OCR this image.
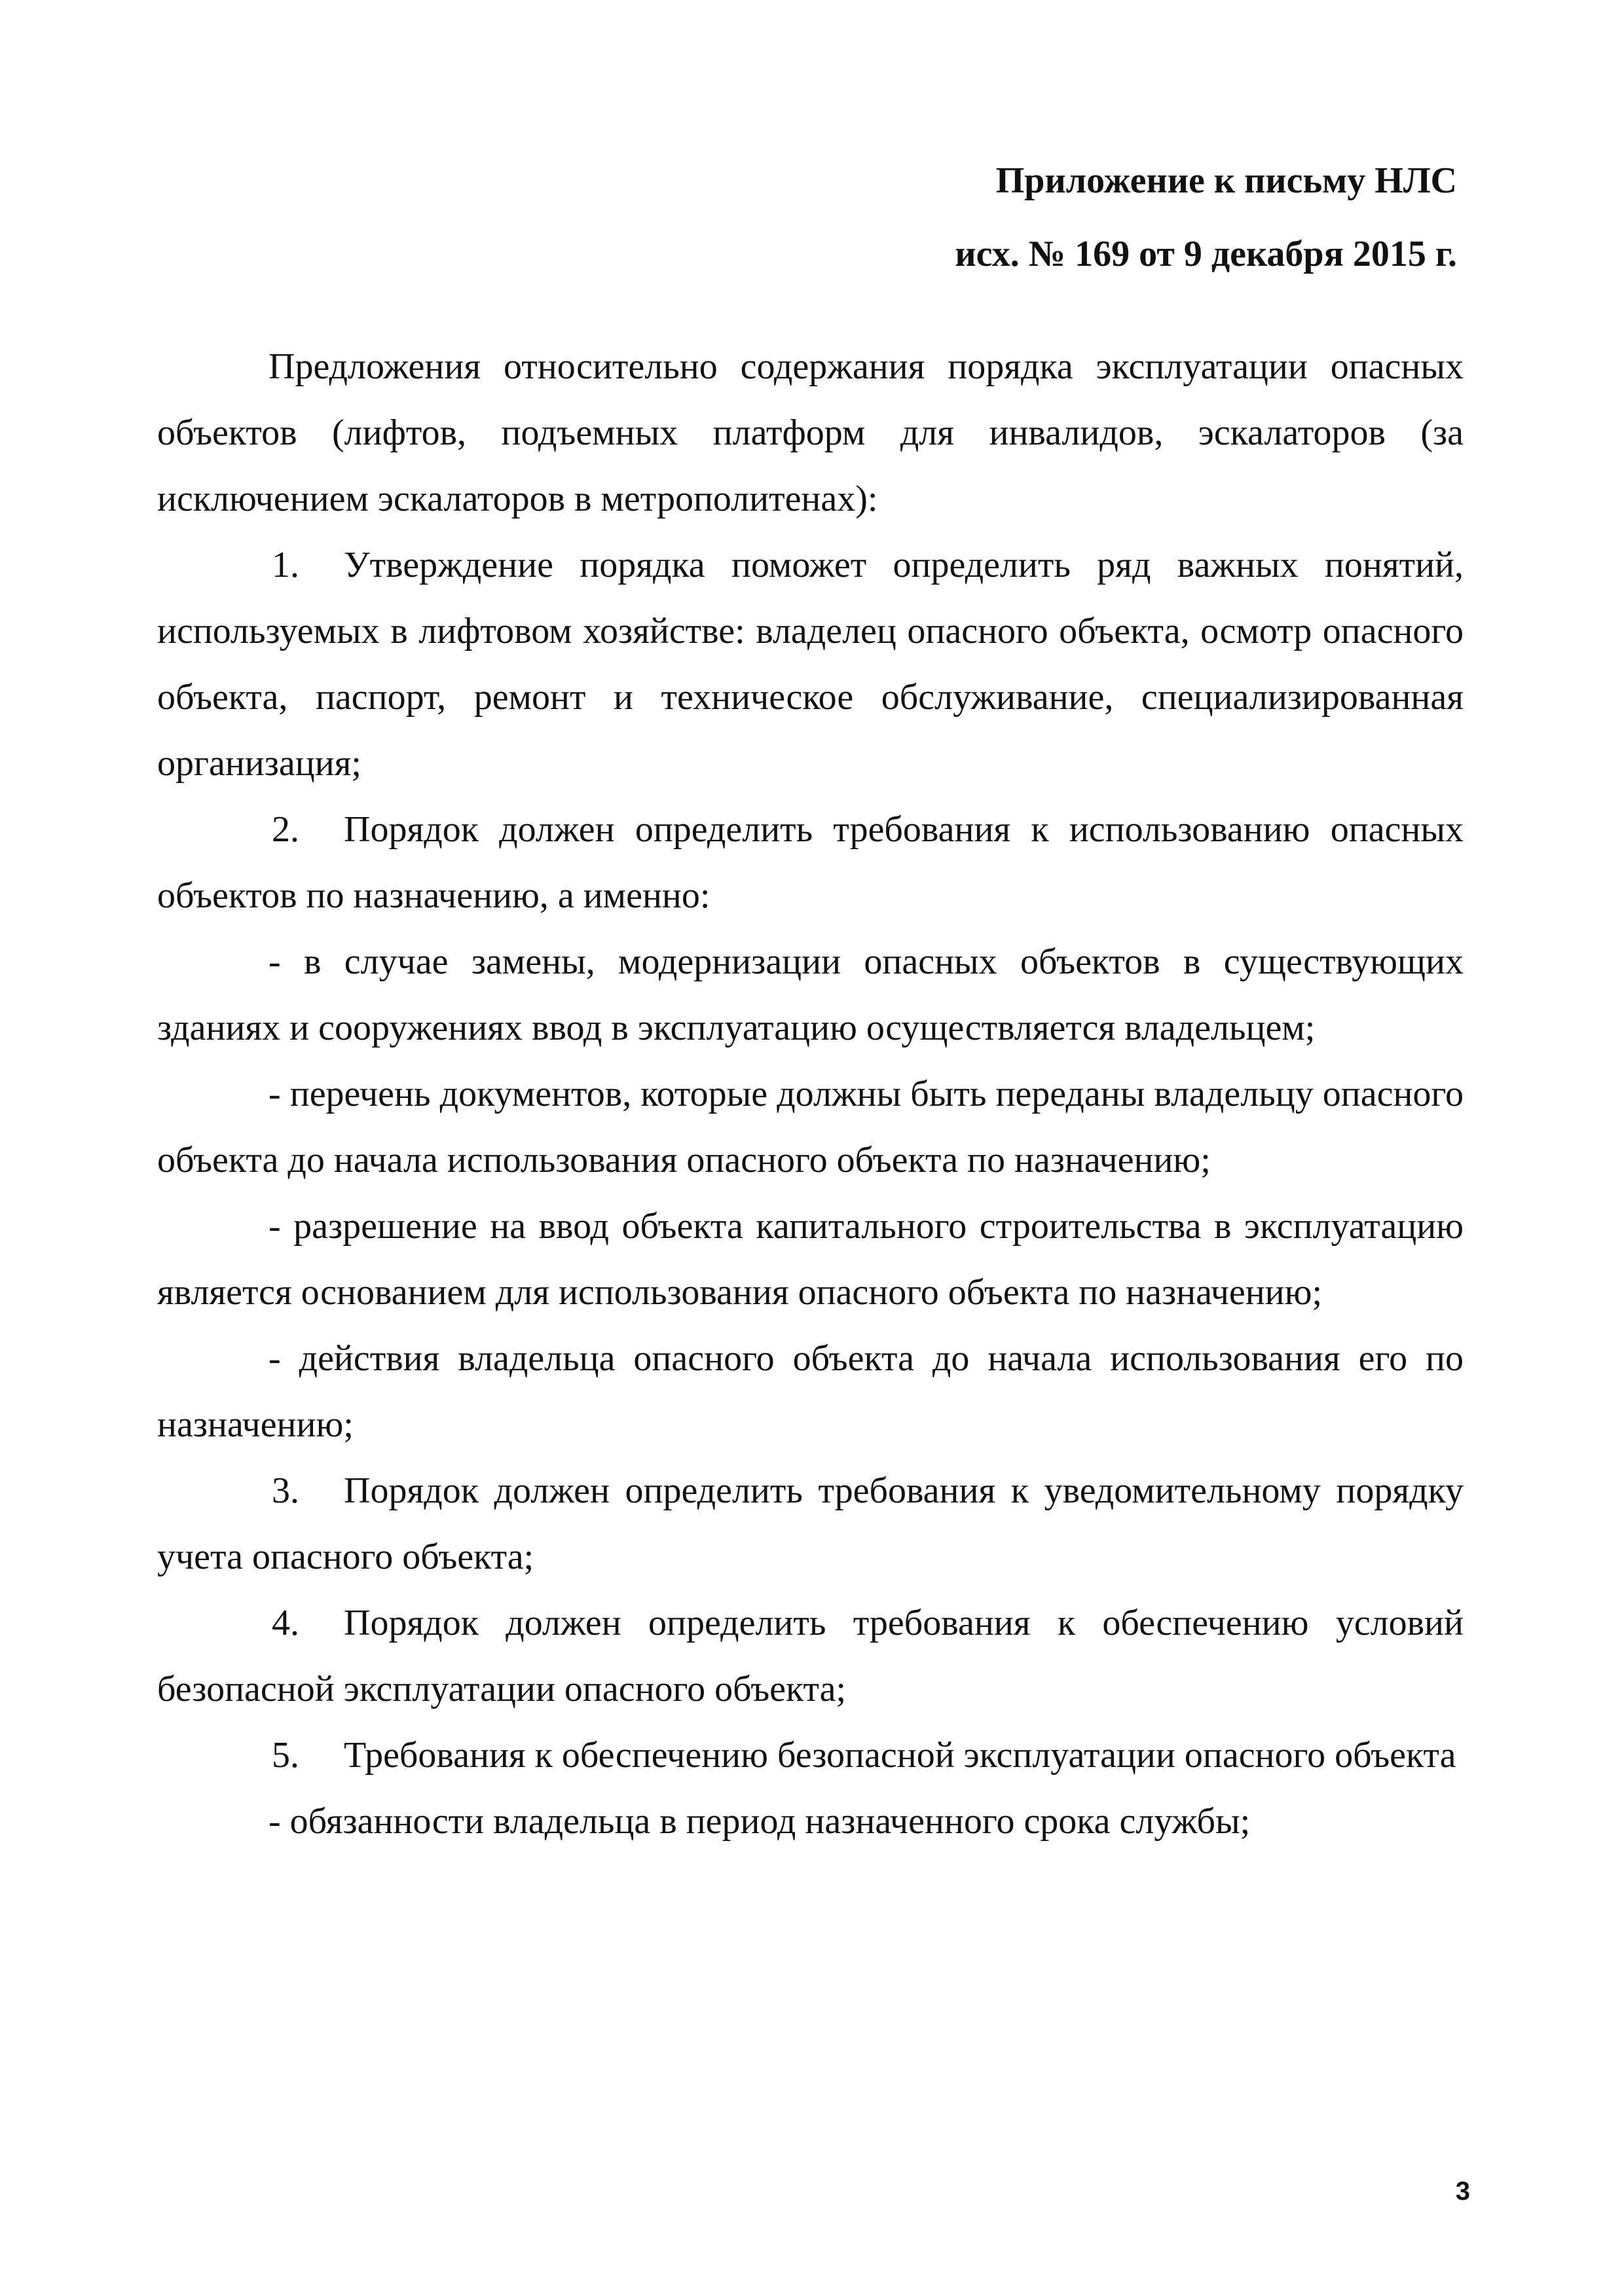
Приложение к письму НЛС
исх. № 169 от 9 декабря 2015 г.

Предложения относительно содержания порядка эксплуатации опасных объектов (лифтов, подъемных платформ для инвалидов, эскалаторов (за исключением эскалаторов в метрополитенах):

1. Утверждение порядка поможет определить ряд важных понятий, используемых в лифтовом хозяйстве: владелец опасного объекта, осмотр опасного объекта, паспорт, ремонт и техническое обслуживание, специализированная организация;

2. Порядок должен определить требования к использованию опасных объектов по назначению, а именно:

- в случае замены, модернизации опасных объектов в существующих зданиях и сооружениях ввод в эксплуатацию осуществляется владельцем;

- перечень документов, которые должны быть переданы владельцу опасного объекта до начала использования опасного объекта по назначению;

- разрешение на ввод объекта капитального строительства в эксплуатацию является основанием для использования опасного объекта по назначению;

- действия владельца опасного объекта до начала использования его по назначению;

3. Порядок должен определить требования к уведомительному порядку учета опасного объекта;

4. Порядок должен определить требования к обеспечению условий безопасной эксплуатации опасного объекта;

5. Требования к обеспечению безопасной эксплуатации опасного объекта

- обязанности владельца в период назначенного срока службы;

3
